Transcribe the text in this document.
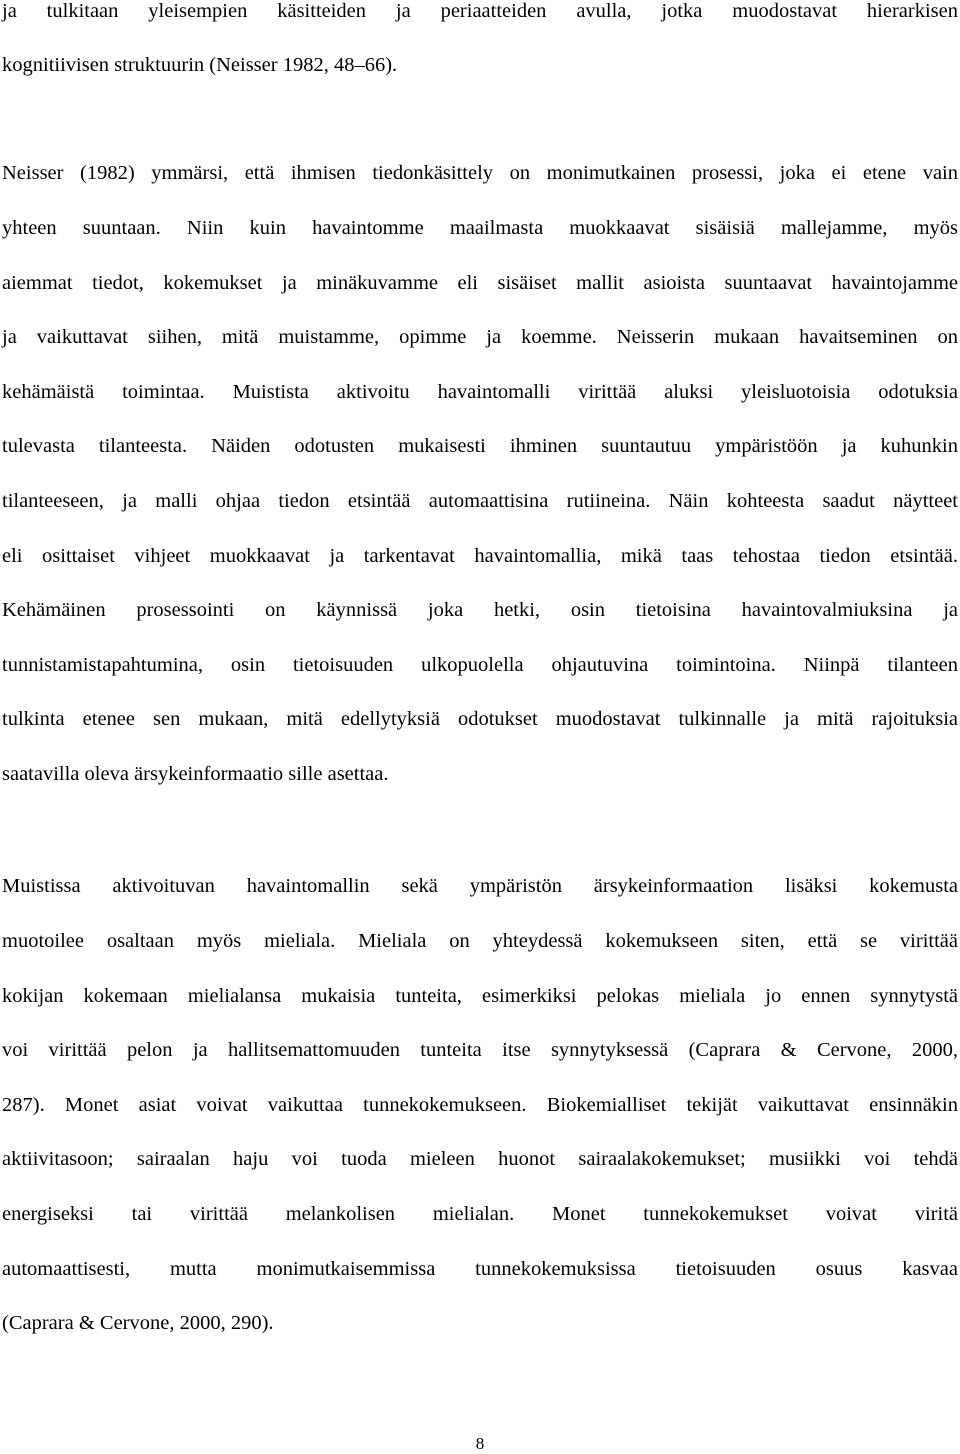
ja tulkitaan yleisempien käsitteiden ja periaatteiden avulla, jotka muodostavat hierarkisen
kognitiivisen struktuurin (Neisser 1982, 48–66).
Neisser (1982) ymmärsi, että ihmisen tiedonkäsittely on monimutkainen prosessi, joka ei etene vain
yhteen suuntaan. Niin kuin havaintomme maailmasta muokkaavat sisäisiä mallejamme, myös
aiemmat tiedot, kokemukset ja minäkuvamme eli sisäiset mallit asioista suuntaavat havaintojamme
ja vaikuttavat siihen, mitä muistamme, opimme ja koemme. Neisserin mukaan havaitseminen on
kehämäistä toimintaa. Muistista aktivoitu havaintomalli virittää aluksi yleisluotoisia odotuksia
tulevasta tilanteesta. Näiden odotusten mukaisesti ihminen suuntautuu ympäristöön ja kuhunkin
tilanteeseen, ja malli ohjaa tiedon etsintää automaattisina rutiineina. Näin kohteesta saadut näytteet
eli osittaiset vihjeet muokkaavat ja tarkentavat havaintomallia, mikä taas tehostaa tiedon etsintää.
Kehämäinen prosessointi on käynnissä joka hetki, osin tietoisina havaintovalmiuksina ja
tunnistamistapahtumina, osin tietoisuuden ulkopuolella ohjautuvina toimintoina. Niinpä tilanteen
tulkinta etenee sen mukaan, mitä edellytyksiä odotukset muodostavat tulkinnalle ja mitä rajoituksia
saatavilla oleva ärsykeinformaatio sille asettaa.
Muistissa aktivoituvan havaintomallin sekä ympäristön ärsykeinformaation lisäksi kokemusta
muotoilee osaltaan myös mieliala. Mieliala on yhteydessä kokemukseen siten, että se virittää
kokijan kokemaan mielialansa mukaisia tunteita, esimerkiksi pelokas mieliala jo ennen synnytystä
voi virittää pelon ja hallitsemattomuuden tunteita itse synnytyksessä (Caprara & Cervone, 2000,
287). Monet asiat voivat vaikuttaa tunnekokemukseen. Biokemialliset tekijät vaikuttavat ensinnäkin
aktiivitasoon; sairaalan haju voi tuoda mieleen huonot sairaalakokemukset; musiikki voi tehdä
energiseksi tai virittää melankolisen mielialan. Monet tunnekokemukset voivat viritä
automaattisesti, mutta monimutkaisemmissa tunnekokemuksissa tietoisuuden osuus kasvaa
(Caprara & Cervone, 2000, 290).
8
